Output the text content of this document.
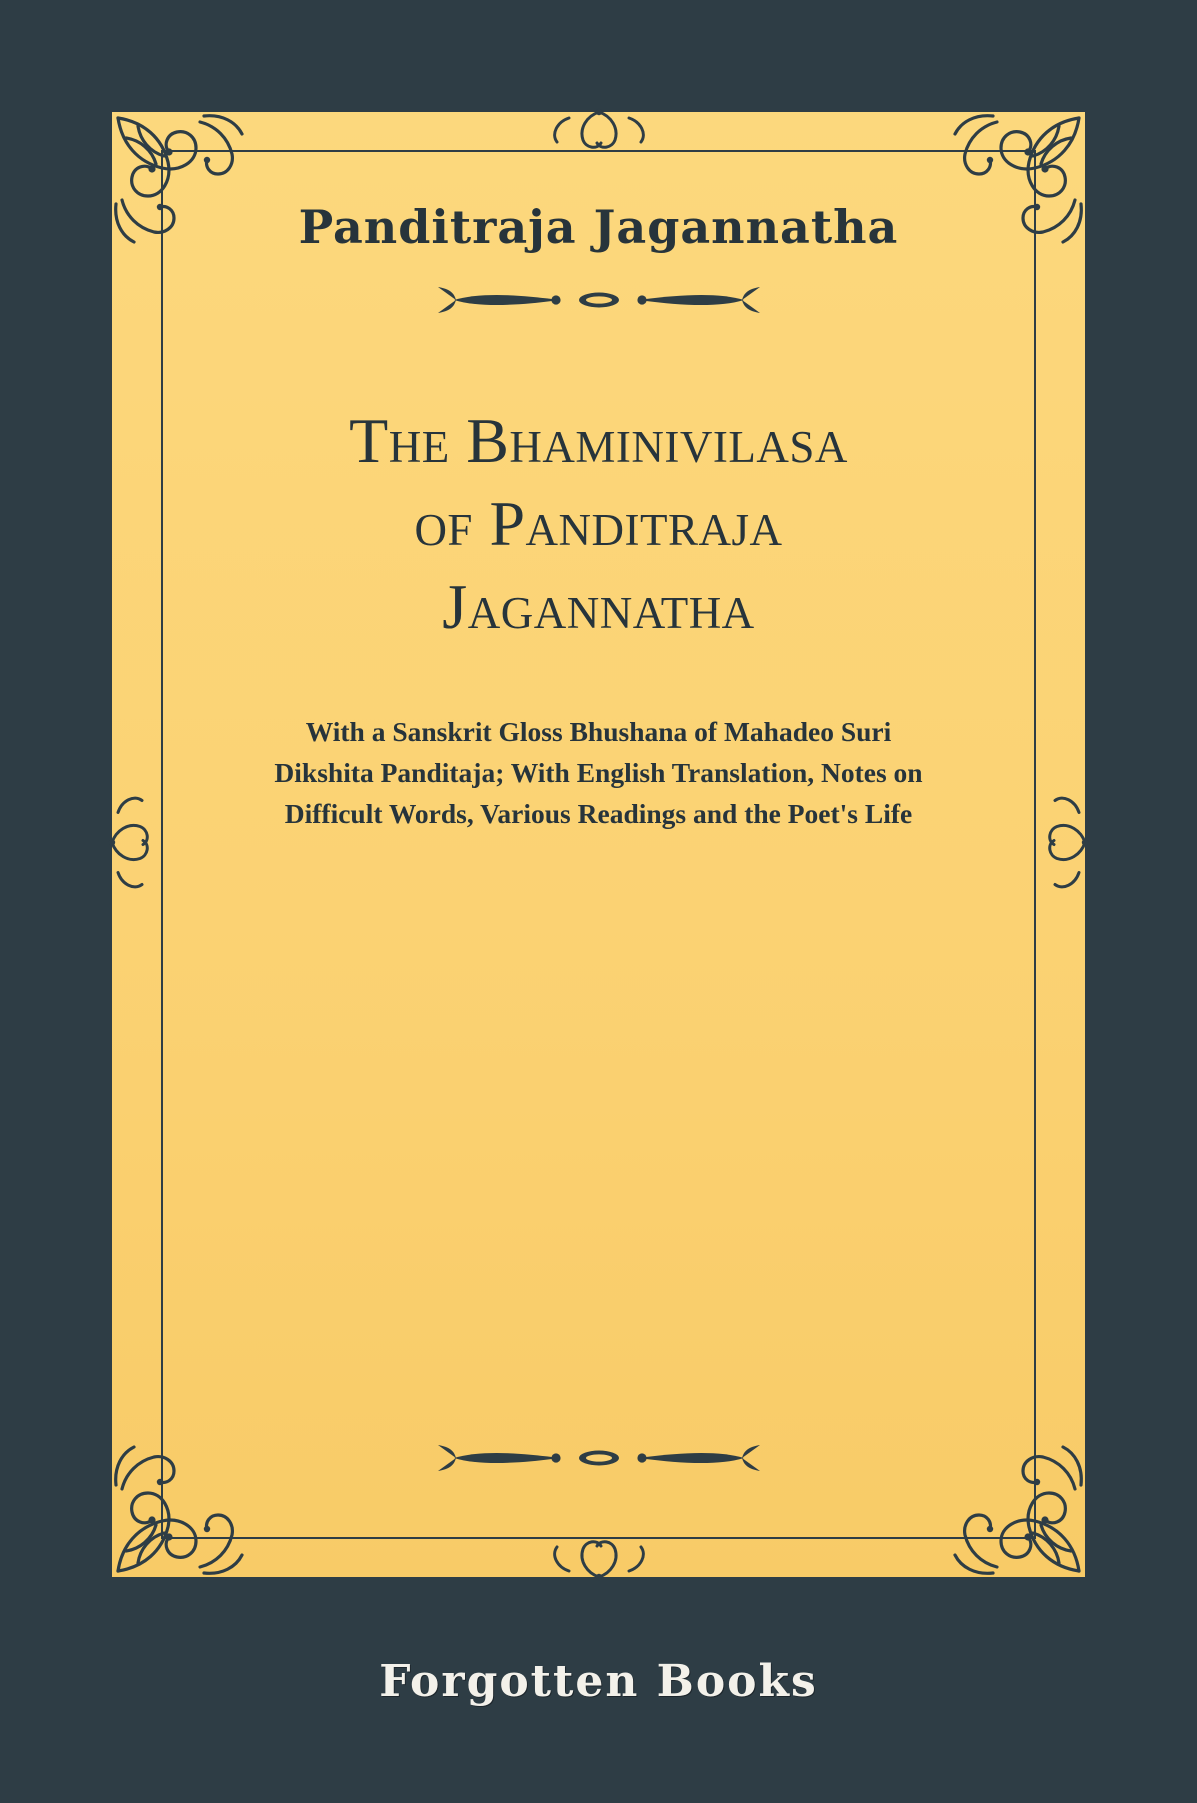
Panditraja Jagannatha
The Bhaminivilasa
of Panditraja
Jagannatha
With a Sanskrit Gloss Bhushana of Mahadeo Suri
Dikshita Panditaja; With English Translation, Notes on
Difficult Words, Various Readings and the Poet's Life
Forgotten Books
